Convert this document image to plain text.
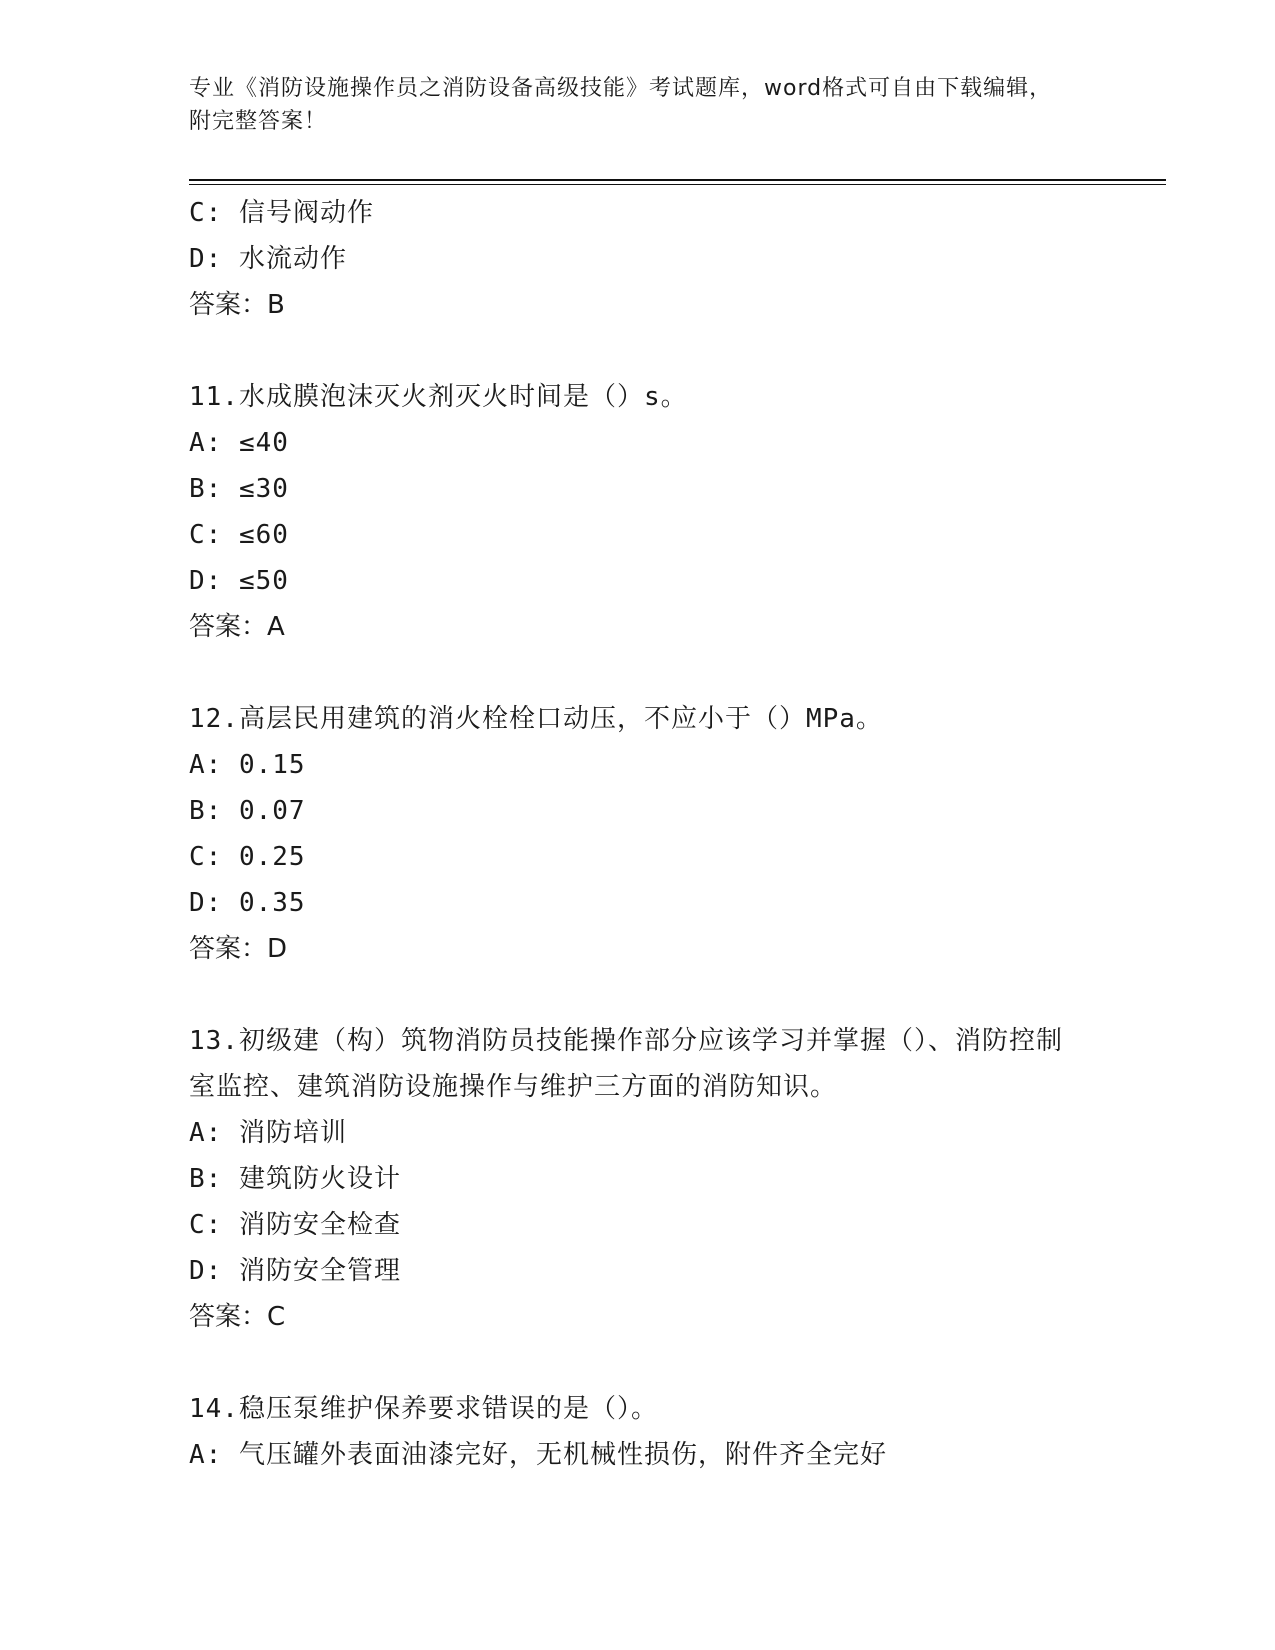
专业《消防设施操作员之消防设备高级技能》考试题库，word格式可自由下载编辑，附完整答案！
C: 信号阀动作
D: 水流动作
答案：B
11.水成膜泡沫灭火剂灭火时间是（）s。
A: ≤40
B: ≤30
C: ≤60
D: ≤50
答案：A
12.高层民用建筑的消火栓栓口动压，不应小于（）MPa。
A: 0.15
B: 0.07
C: 0.25
D: 0.35
答案：D
13.初级建（构）筑物消防员技能操作部分应该学习并掌握（）、消防控制室监控、建筑消防设施操作与维护三方面的消防知识。
A: 消防培训
B: 建筑防火设计
C: 消防安全检查
D: 消防安全管理
答案：C
14.稳压泵维护保养要求错误的是（）。
A: 气压罐外表面油漆完好，无机械性损伤，附件齐全完好
